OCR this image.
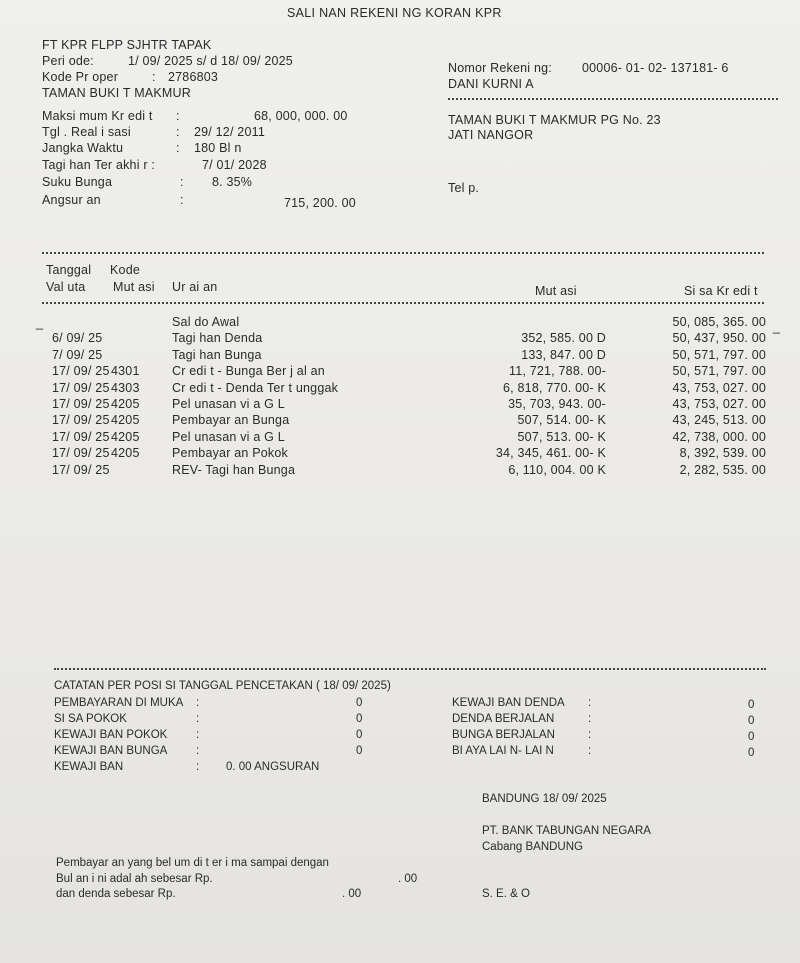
SALI NAN REKENI NG KORAN KPR
FT KPR FLPP SJHTR TAPAK
Peri ode:	1/ 09/ 2025 s/ d 18/ 09/ 2025
Kode Pr oper	: 2786803
TAMAN BUKI T MAKMUR
Maksi mum Kr edi t :	68, 000, 000. 00
Tgl . Real i sasi	: 29/ 12/ 2011
Jangka Waktu	: 180 Bl n
Tagi han Ter akhi r :	7/ 01/ 2028
Suku Bunga	: 8. 35%
Angsur an	:	715, 200. 00
Nomor Rekeni ng: 00006- 01- 02- 137181- 6
DANI KURNI A
TAMAN BUKI T MAKMUR PG No. 23
JATI NANGOR
Tel p.
Tanggal Kode
Val uta Mut asi Ur ai an	Mut asi	Si sa Kr edi t
Sal do Awal	50, 085, 365. 00
6/ 09/ 25	Tagi han Denda	352, 585. 00 D	50, 437, 950. 00
7/ 09/ 25	Tagi han Bunga	133, 847. 00 D	50, 571, 797. 00
17/ 09/ 25 4301	Cr edi t - Bunga Ber j al an	11, 721, 788. 00-	50, 571, 797. 00
17/ 09/ 25 4303	Cr edi t - Denda Ter t unggak	6, 818, 770. 00- K	43, 753, 027. 00
17/ 09/ 25 4205	Pel unasan vi a G L	35, 703, 943. 00-	43, 753, 027. 00
17/ 09/ 25 4205	Pembayar an Bunga	507, 514. 00- K	43, 245, 513. 00
17/ 09/ 25 4205	Pel unasan vi a G L	507, 513. 00- K	42, 738, 000. 00
17/ 09/ 25 4205	Pembayar an Pokok	34, 345, 461. 00- K	8, 392, 539. 00
17/ 09/ 25	REV- Tagi han Bunga	6, 110, 004. 00 K	2, 282, 535. 00
_	_
CATATAN PER POSI SI TANGGAL PENCETAKAN ( 18/ 09/ 2025)
PEMBAYARAN DI MUKA :	0
SI SA POKOK	:	0
KEWAJI BAN POKOK :	0
KEWAJI BAN BUNGA :	0
KEWAJI BAN DENDA :	0
DENDA BERJALAN	:	0
BUNGA BERJALAN	:	0
BI AYA LAI N- LAI N	:	0
KEWAJI BAN	: 0. 00 ANGSURAN
BANDUNG 18/ 09/ 2025
PT. BANK TABUNGAN NEGARA
Cabang BANDUNG
Pembayar an yang bel um di t er i ma sampai dengan
Bul an i ni adal ah sebesar Rp.	. 00
dan denda sebesar Rp.	. 00	S. E. & O
